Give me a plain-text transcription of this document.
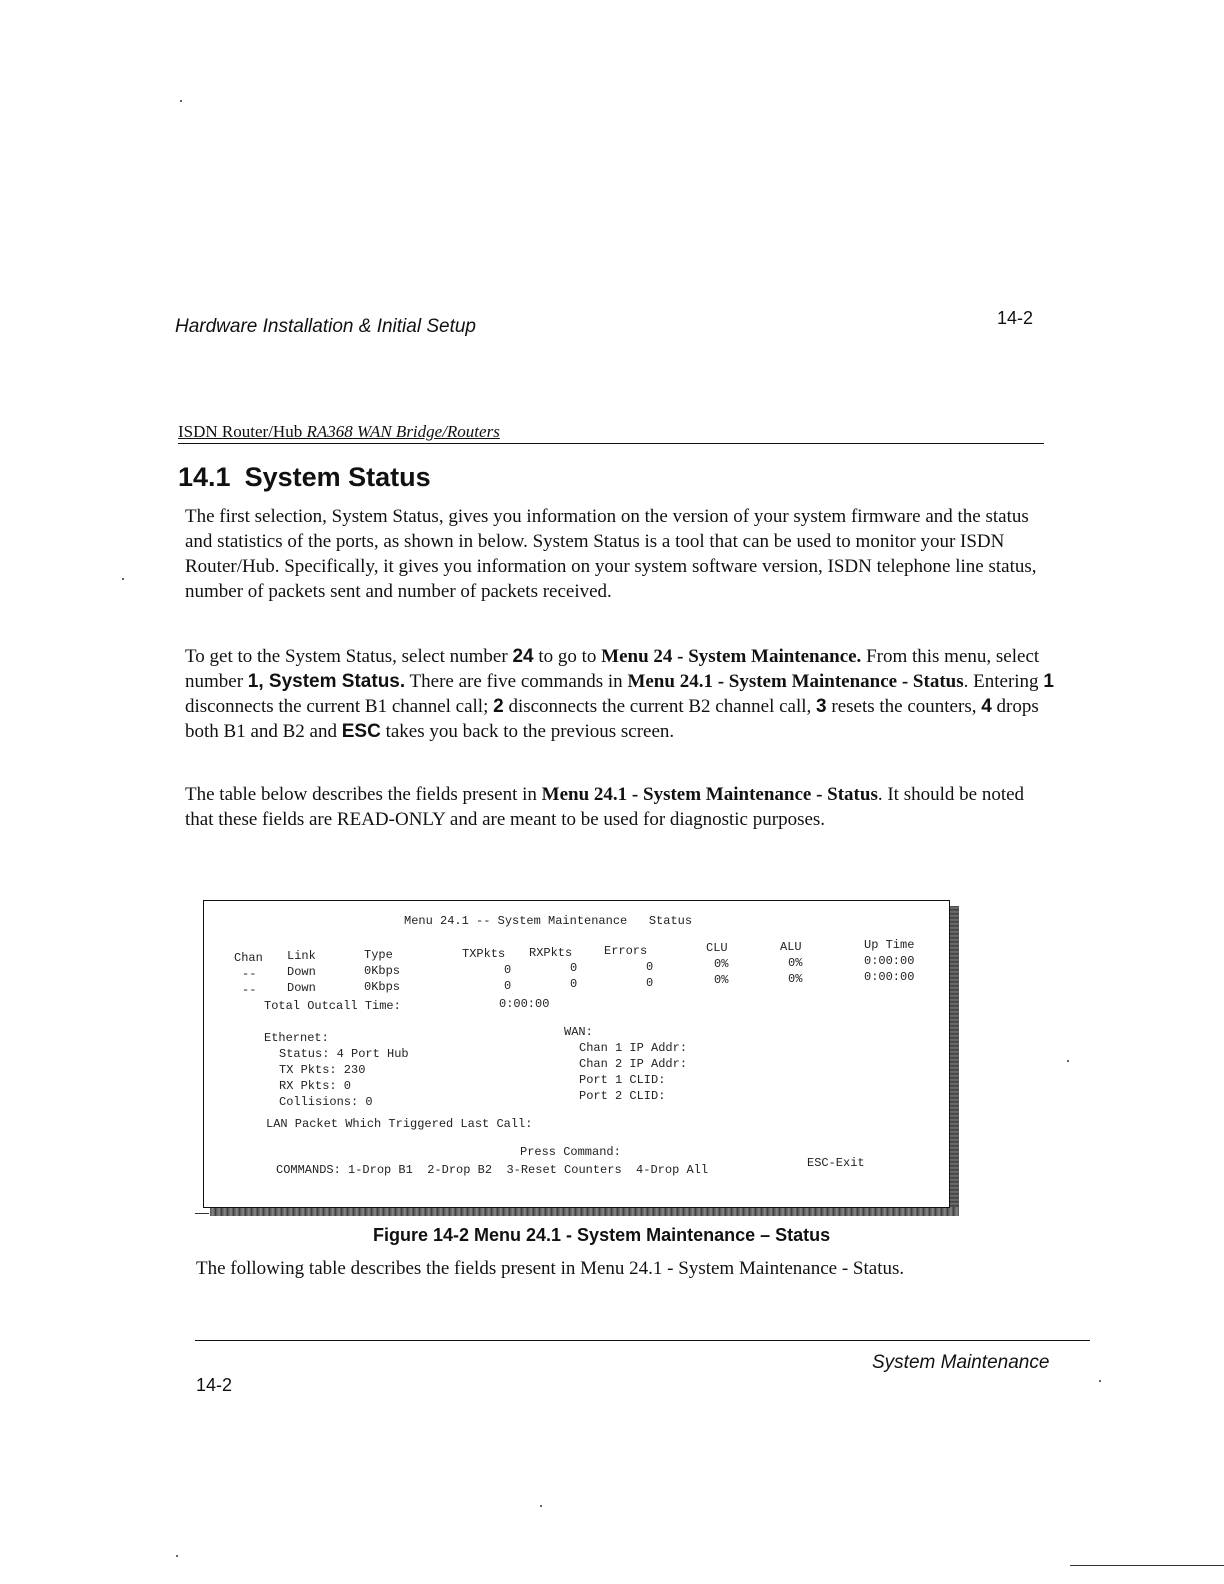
Hardware Installation & Initial Setup	14-2
ISDN Router/Hub RA368 WAN Bridge/Routers
14.1 System Status

The first selection, System Status, gives you information on the version of your system firmware and the status and statistics of the ports, as shown in below. System Status is a tool that can be used to monitor your ISDN Router/Hub. Specifically, it gives you information on your system software version, ISDN telephone line status, number of packets sent and number of packets received.

To get to the System Status, select number 24 to go to Menu 24 - System Maintenance. From this menu, select number 1, System Status. There are five commands in Menu 24.1 - System Maintenance - Status. Entering 1 disconnects the current B1 channel call; 2 disconnects the current B2 channel call, 3 resets the counters, 4 drops both B1 and B2 and ESC takes you back to the previous screen.

The table below describes the fields present in Menu 24.1 - System Maintenance - Status. It should be noted that these fields are READ-ONLY and are meant to be used for diagnostic purposes.

Menu 24.1 -- System Maintenance   Status
Chan Link	Type	TXPkts RXPkts	Errors	CLU	ALU	Up Time
--	Down	0Kbps	0	0	0	0%	0%	0:00:00
--	Down	0Kbps	0	0	0	0%	0%	0:00:00
Total Outcall Time:	0:00:00
Ethernet:
Status: 4 Port Hub
TX Pkts: 230
RX Pkts: 0
Collisions: 0
WAN:
Chan 1 IP Addr:
Chan 2 IP Addr:
Port 1 CLID:
Port 2 CLID:
LAN Packet Which Triggered Last Call:
Press Command:
COMMANDS: 1-Drop B1  2-Drop B2  3-Reset Counters  4-Drop All	ESC-Exit
Figure 14-2 Menu 24.1 - System Maintenance – Status
The following table describes the fields present in Menu 24.1 - System Maintenance - Status.
14-2
System Maintenance
